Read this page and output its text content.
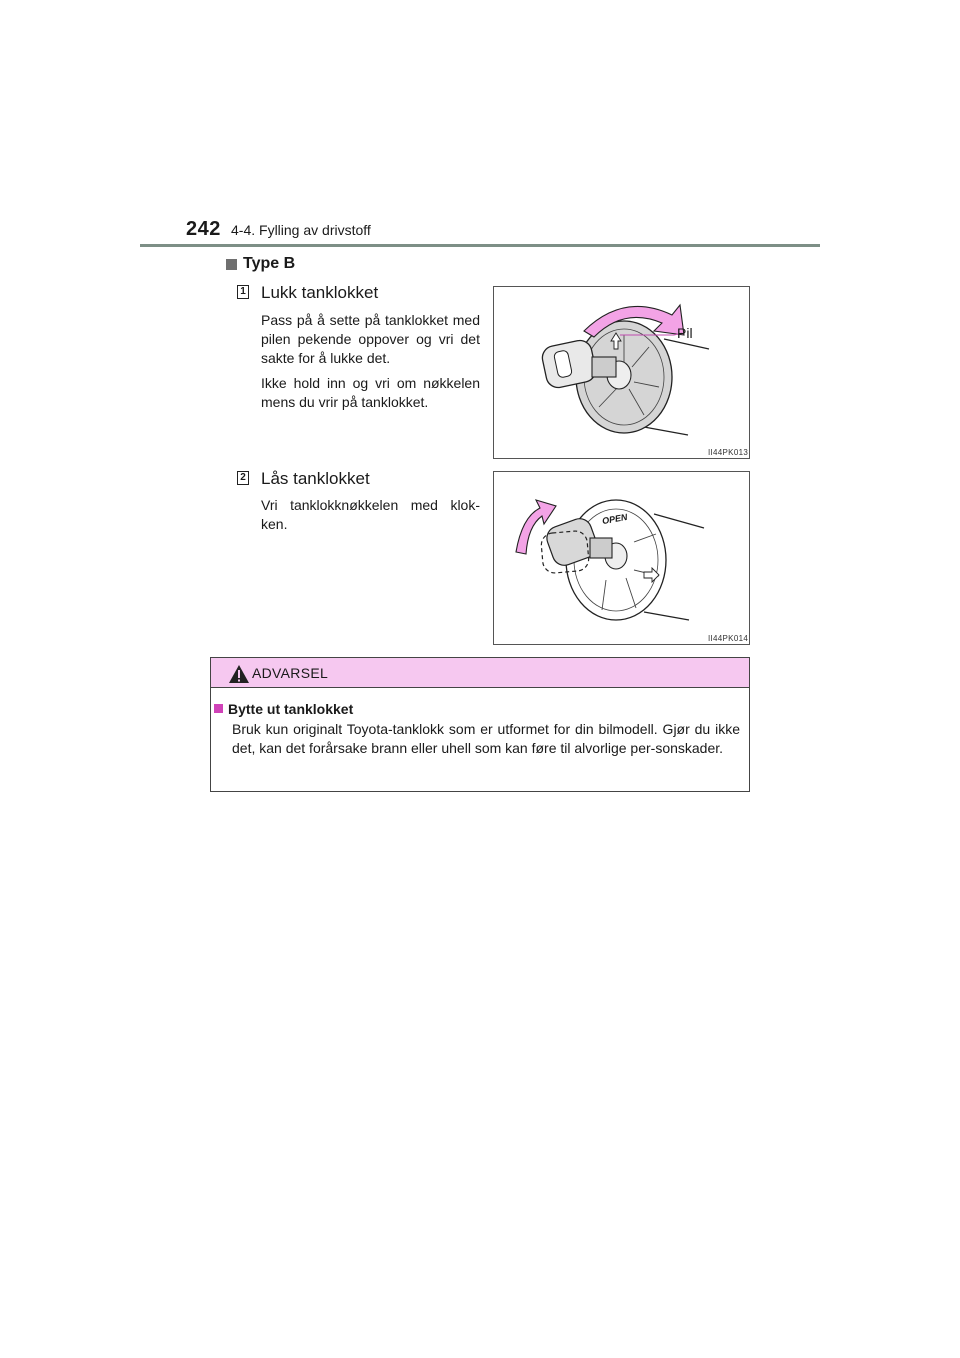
242 4-4. Fylling av drivstoff
Type B
1 Lukk tanklokket

Pass på å sette på tanklokket med pilen pekende oppover og vri det sakte for å lukke det.

Ikke hold inn og vri om nøkkelen mens du vrir på tanklokket.

Pil
II44PK013
2 Lås tanklokket

Vri tanklokknøkkelen med klok-ken.	OPEN
II44PK014
ADVARSEL
Bytte ut tanklokket
Bruk kun originalt Toyota-tanklokk som er utformet for din bilmodell. Gjør du ikke det, kan det forårsake brann eller uhell som kan føre til alvorlige per-sonskader.
